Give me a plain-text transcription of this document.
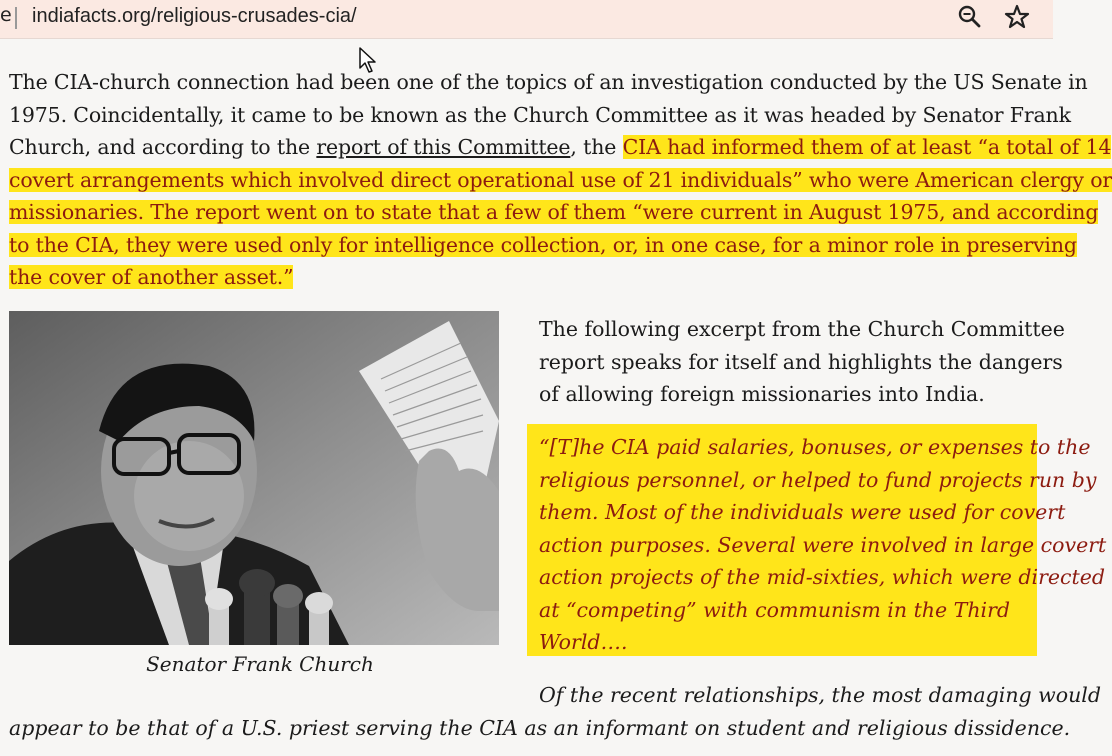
e indiafacts.org/religious-crusades-cia/
The CIA-church connection had been one of the topics of an investigation conducted by the US Senate in
1975. Coincidentally, it came to be known as the Church Committee as it was headed by Senator Frank
Church, and according to the report of this Committee, the CIA had informed them of at least “a total of 14
covert arrangements which involved direct operational use of 21 individuals” who were American clergy or
missionaries. The report went on to state that a few of them “were current in August 1975, and according
to the CIA, they were used only for intelligence collection, or, in one case, for a minor role in preserving
the cover of another asset.”
Senator Frank Church
The following excerpt from the Church Committee
report speaks for itself and highlights the dangers
of allowing foreign missionaries into India.
“[T]he CIA paid salaries, bonuses, or expenses to the
religious personnel, or helped to fund projects run by
them. Most of the individuals were used for covert
action purposes. Several were involved in large covert
action projects of the mid-sixties, which were directed
at “competing” with communism in the Third
World….
Of the recent relationships, the most damaging would
appear to be that of a U.S. priest serving the CIA as an informant on student and religious dissidence.
